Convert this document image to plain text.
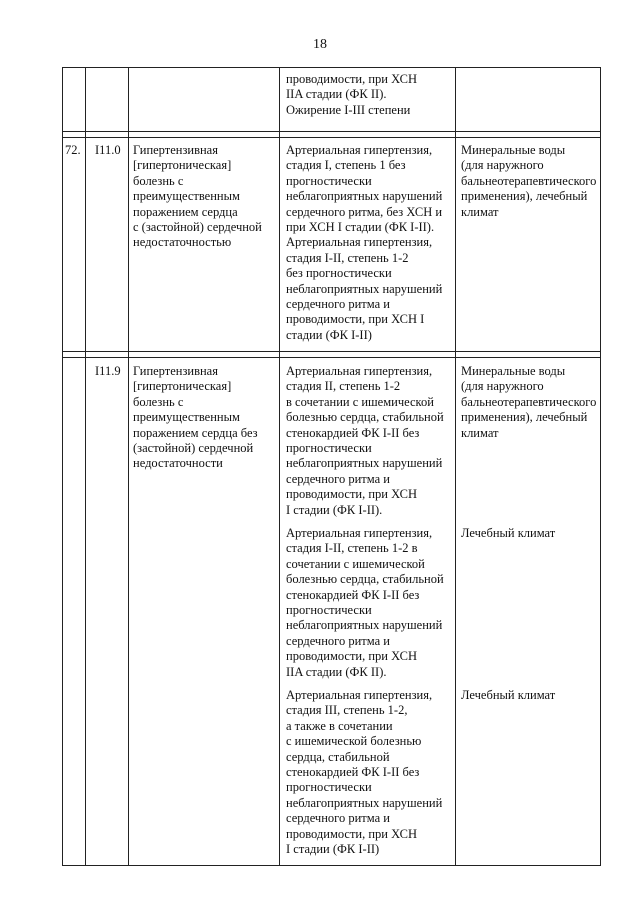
18
проводимости, при ХСН
IIA стадии (ФК II).
Ожирение I-III степени
72.	I11.0 Гипертензивная
[гипертоническая]
болезнь с
преимущественным
поражением сердца
с (застойной) сердечной
недостаточностью
Артериальная гипертензия,
стадия I, степень 1 без
прогностически
неблагоприятных нарушений
сердечного ритма, без ХСН и
при ХСН I стадии (ФК I-II).
Артериальная гипертензия,
стадия I-II, степень 1-2
без прогностически
неблагоприятных нарушений
сердечного ритма и
проводимости, при ХСН I
стадии (ФК I-II)
Минеральные воды
(для наружного
бальнеотерапевтического
применения), лечебный
климат
I11.9 Гипертензивная
[гипертоническая]
болезнь с
преимущественным
поражением сердца без
(застойной) сердечной
недостаточности
Артериальная гипертензия,
стадия II, степень 1-2
в сочетании с ишемической
болезнью сердца, стабильной
стенокардией ФК I-II без
прогностически
неблагоприятных нарушений
сердечного ритма и
проводимости, при ХСН
I стадии (ФК I-II).
Минеральные воды
(для наружного
бальнеотерапевтического
применения), лечебный
климат
Артериальная гипертензия,
стадия I-II, степень 1-2 в
сочетании с ишемической
болезнью сердца, стабильной
стенокардией ФК I-II без
прогностически
неблагоприятных нарушений
сердечного ритма и
проводимости, при ХСН
IIA стадии (ФК II).
Лечебный климат
Артериальная гипертензия,
стадия III, степень 1-2,
а также в сочетании
с ишемической болезнью
сердца, стабильной
стенокардией ФК I-II без
прогностически
неблагоприятных нарушений
сердечного ритма и
проводимости, при ХСН
I стадии (ФК I-II)
Лечебный климат
